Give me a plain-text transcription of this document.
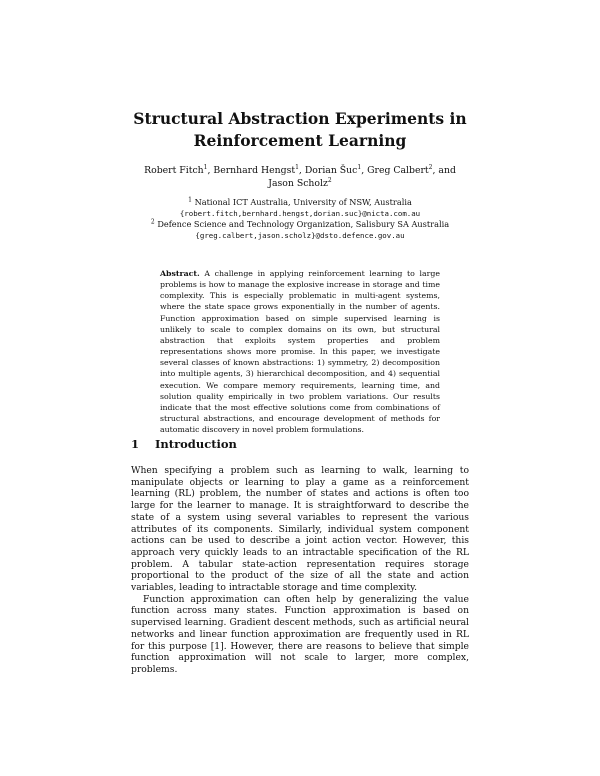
Structural Abstraction Experiments in
Reinforcement Learning
Robert Fitch$^1$, Bernhard Hengst$^1$, Dorian Šuc$^1$, Greg Calbert$^2$, and Jason Scholz$^2$
$^1$ National ICT Australia, University of NSW, Australia
{robert.fitch,bernhard.hengst,dorian.suc}@nicta.com.au
$^2$ Defence Science and Technology Organization, Salisbury SA Australia
{greg.calbert,jason.scholz}@dsto.defence.gov.au
Abstract. A challenge in applying reinforcement learning to large problems is how to manage the explosive increase in storage and time complexity. This is especially problematic in multi-agent systems, where the state space grows exponentially in the number of agents. Function approximation based on simple supervised learning is unlikely to scale to complex domains on its own, but structural abstraction that exploits system properties and problem representations shows more promise. In this paper, we investigate several classes of known abstractions: 1) symmetry, 2) decomposition into multiple agents, 3) hierarchical decomposition, and 4) sequential execution. We compare memory requirements, learning time, and solution quality empirically in two problem variations. Our results indicate that the most effective solutions come from combinations of structural abstractions, and encourage development of methods for automatic discovery in novel problem formulations.
1 Introduction

When specifying a problem such as learning to walk, learning to manipulate objects or learning to play a game as a reinforcement learning (RL) problem, the number of states and actions is often too large for the learner to manage. It is straightforward to describe the state of a system using several variables to represent the various attributes of its components. Similarly, individual system component actions can be used to describe a joint action vector. However, this approach very quickly leads to an intractable specification of the RL problem. A tabular state-action representation requires storage proportional to the product of the size of all the state and action variables, leading to intractable storage and time complexity.

Function approximation can often help by generalizing the value function across many states. Function approximation is based on supervised learning. Gradient descent methods, such as artificial neural networks and linear function approximation are frequently used in RL for this purpose [1]. However, there are reasons to believe that simple function approximation will not scale to larger, more complex, problems.
